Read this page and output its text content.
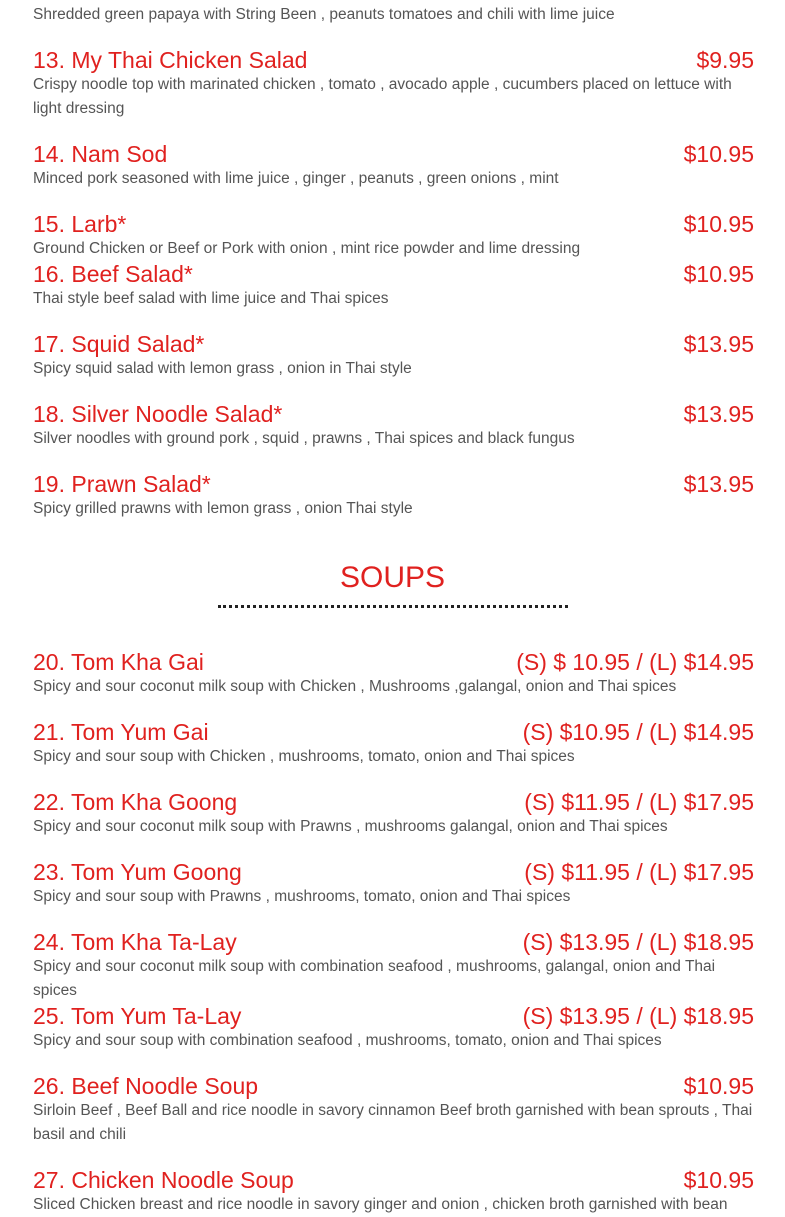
Shredded green papaya with String Been , peanuts tomatoes and chili with lime juice
13. My Thai Chicken Salad	$9.95
Crispy noodle top with marinated chicken , tomato , avocado apple , cucumbers placed on lettuce with light dressing
14. Nam Sod	$10.95
Minced pork seasoned with lime juice , ginger , peanuts , green onions , mint
15. Larb*	$10.95
Ground Chicken or Beef or Pork with onion , mint rice powder and lime dressing
16. Beef Salad*	$10.95
Thai style beef salad with lime juice and Thai spices
17. Squid Salad*	$13.95
Spicy squid salad with lemon grass , onion in Thai style
18. Silver Noodle Salad*	$13.95
Silver noodles with ground pork , squid , prawns , Thai spices and black fungus
19. Prawn Salad*	$13.95
Spicy grilled prawns with lemon grass , onion Thai style
SOUPS
20. Tom Kha Gai	(S) $ 10.95 / (L) $14.95
Spicy and sour coconut milk soup with Chicken , Mushrooms ,galangal, onion and Thai spices
21. Tom Yum Gai	(S) $10.95 / (L) $14.95
Spicy and sour soup with Chicken , mushrooms, tomato, onion and Thai spices
22. Tom Kha Goong	(S) $11.95 / (L) $17.95
Spicy and sour coconut milk soup with Prawns , mushrooms galangal, onion and Thai spices
23. Tom Yum Goong	(S) $11.95 / (L) $17.95
Spicy and sour soup with Prawns , mushrooms, tomato, onion and Thai spices
24. Tom Kha Ta-Lay	(S) $13.95 / (L) $18.95
Spicy and sour coconut milk soup with combination seafood , mushrooms, galangal, onion and Thai spices
25. Tom Yum Ta-Lay	(S) $13.95 / (L) $18.95
Spicy and sour soup with combination seafood , mushrooms, tomato, onion and Thai spices
26. Beef Noodle Soup	$10.95
Sirloin Beef , Beef Ball and rice noodle in savory cinnamon Beef broth garnished with bean sprouts , Thai basil and chili
27. Chicken Noodle Soup	$10.95
Sliced Chicken breast and rice noodle in savory ginger and onion , chicken broth garnished with bean
